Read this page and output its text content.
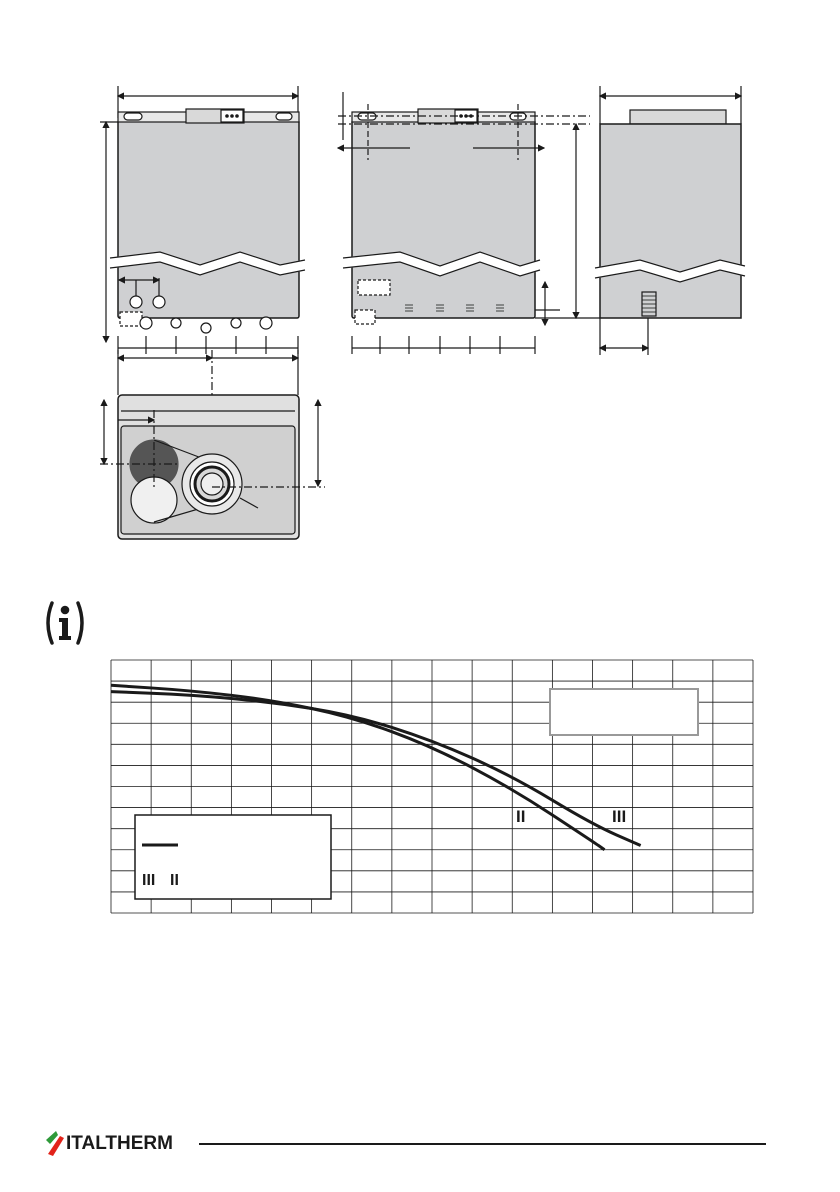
III II
II	III
ITALTHERM
